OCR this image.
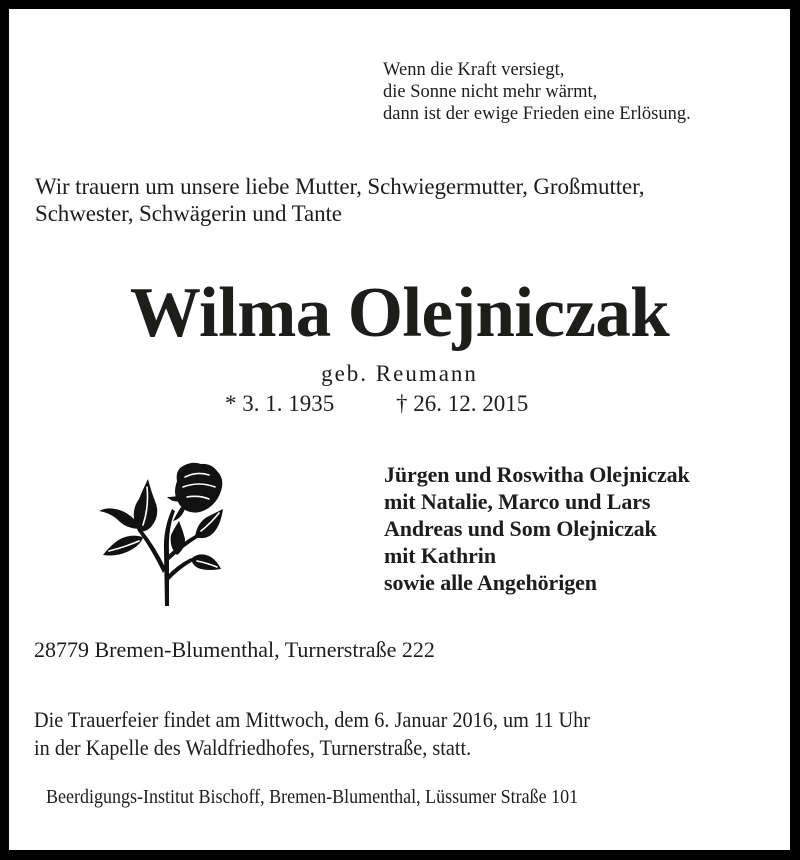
Wenn die Kraft versiegt,
die Sonne nicht mehr wärmt,
dann ist der ewige Frieden eine Erlösung.
Wir trauern um unsere liebe Mutter, Schwiegermutter, Großmutter,
Schwester, Schwägerin und Tante
Wilma Olejniczak
geb. Reumann
* 3. 1. 1935	† 26. 12. 2015
Jürgen und Roswitha Olejniczak
mit Natalie, Marco und Lars
Andreas und Som Olejniczak
mit Kathrin
sowie alle Angehörigen
28779 Bremen-Blumenthal, Turnerstraße 222
Die Trauerfeier findet am Mittwoch, dem 6. Januar 2016, um 11 Uhr
in der Kapelle des Waldfriedhofes, Turnerstraße, statt.
Beerdigungs-Institut Bischoff, Bremen-Blumenthal, Lüssumer Straße 101
